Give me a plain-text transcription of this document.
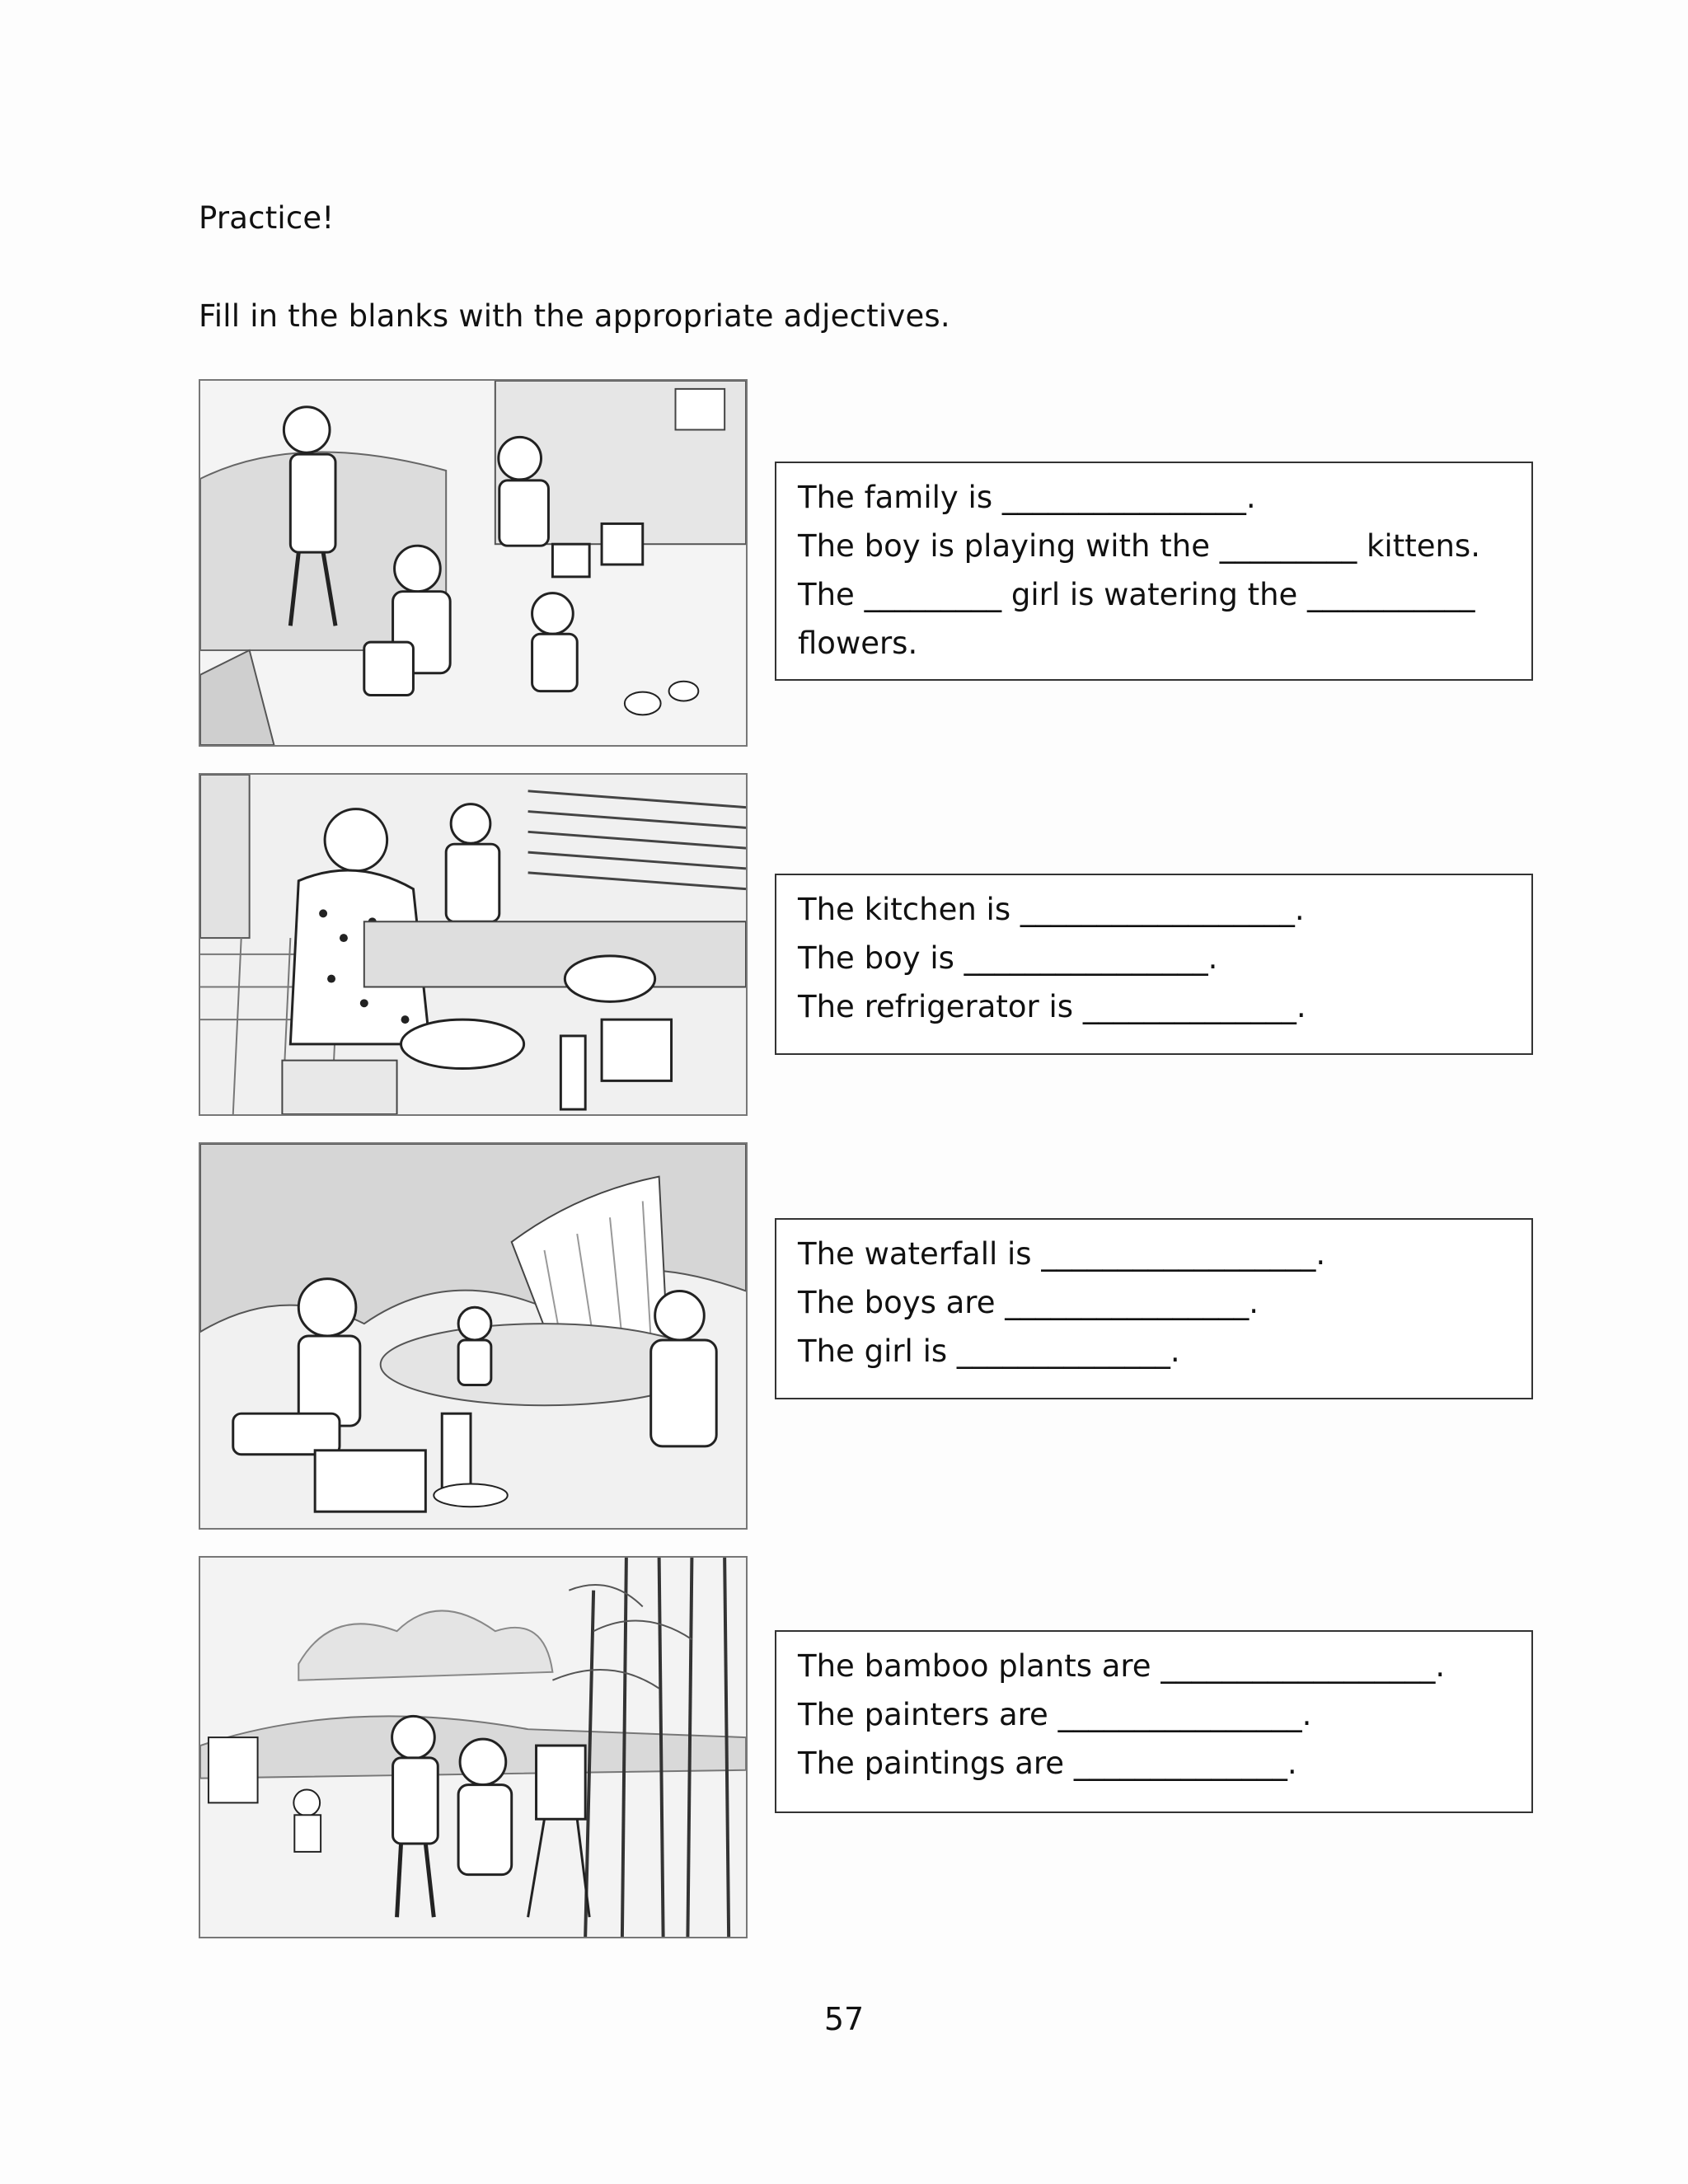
Practice!
Fill in the blanks with the appropriate adjectives.
The family is ________________.
The boy is playing with the _________ kittens.
The _________ girl is watering the ___________
flowers.
The kitchen is __________________.
The boy is ________________.
The refrigerator is ______________.
The waterfall is __________________.
The boys are ________________.
The girl is ______________.
The bamboo plants are __________________.
The painters are ________________.
The paintings are ______________.
57
